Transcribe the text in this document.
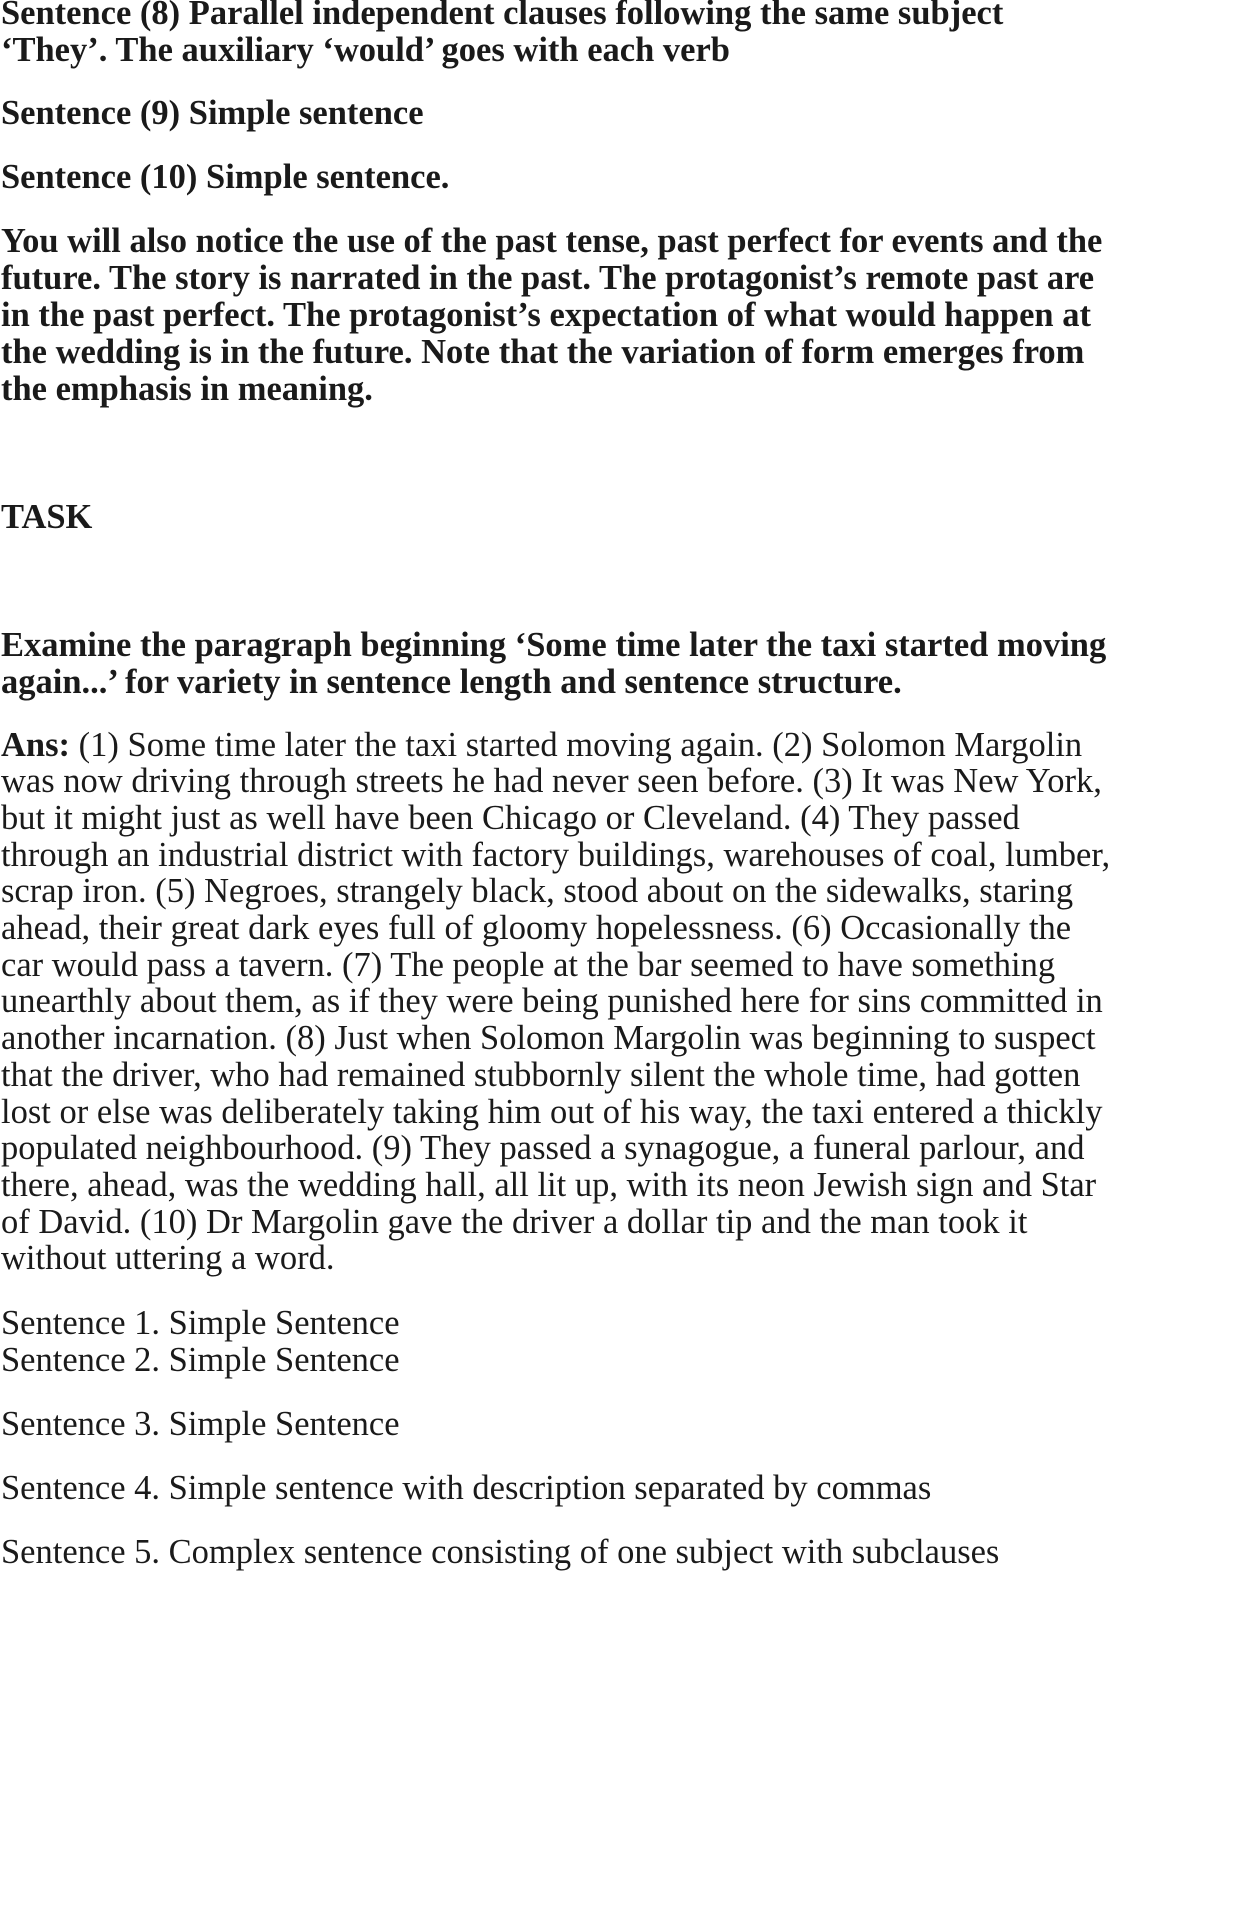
Sentence (8) Parallel independent clauses following the same subject
‘They’. The auxiliary ‘would’ goes with each verb
Sentence (9) Simple sentence
Sentence (10) Simple sentence.
You will also notice the use of the past tense, past perfect for events and the
future. The story is narrated in the past. The protagonist’s remote past are
in the past perfect. The protagonist’s expectation of what would happen at
the wedding is in the future. Note that the variation of form emerges from
the emphasis in meaning.
TASK
Examine the paragraph beginning ‘Some time later the taxi started moving
again...’ for variety in sentence length and sentence structure.
Ans: (1) Some time later the taxi started moving again. (2) Solomon Margolin
was now driving through streets he had never seen before. (3) It was New York,
but it might just as well have been Chicago or Cleveland. (4) They passed
through an industrial district with factory buildings, warehouses of coal, lumber,
scrap iron. (5) Negroes, strangely black, stood about on the sidewalks, staring
ahead, their great dark eyes full of gloomy hopelessness. (6) Occasionally the
car would pass a tavern. (7) The people at the bar seemed to have something
unearthly about them, as if they were being punished here for sins committed in
another incarnation. (8) Just when Solomon Margolin was beginning to suspect
that the driver, who had remained stubbornly silent the whole time, had gotten
lost or else was deliberately taking him out of his way, the taxi entered a thickly
populated neighbourhood. (9) They passed a synagogue, a funeral parlour, and
there, ahead, was the wedding hall, all lit up, with its neon Jewish sign and Star
of David. (10) Dr Margolin gave the driver a dollar tip and the man took it
without uttering a word.
Sentence 1. Simple Sentence
Sentence 2. Simple Sentence
Sentence 3. Simple Sentence
Sentence 4. Simple sentence with description separated by commas
Sentence 5. Complex sentence consisting of one subject with subclauses
